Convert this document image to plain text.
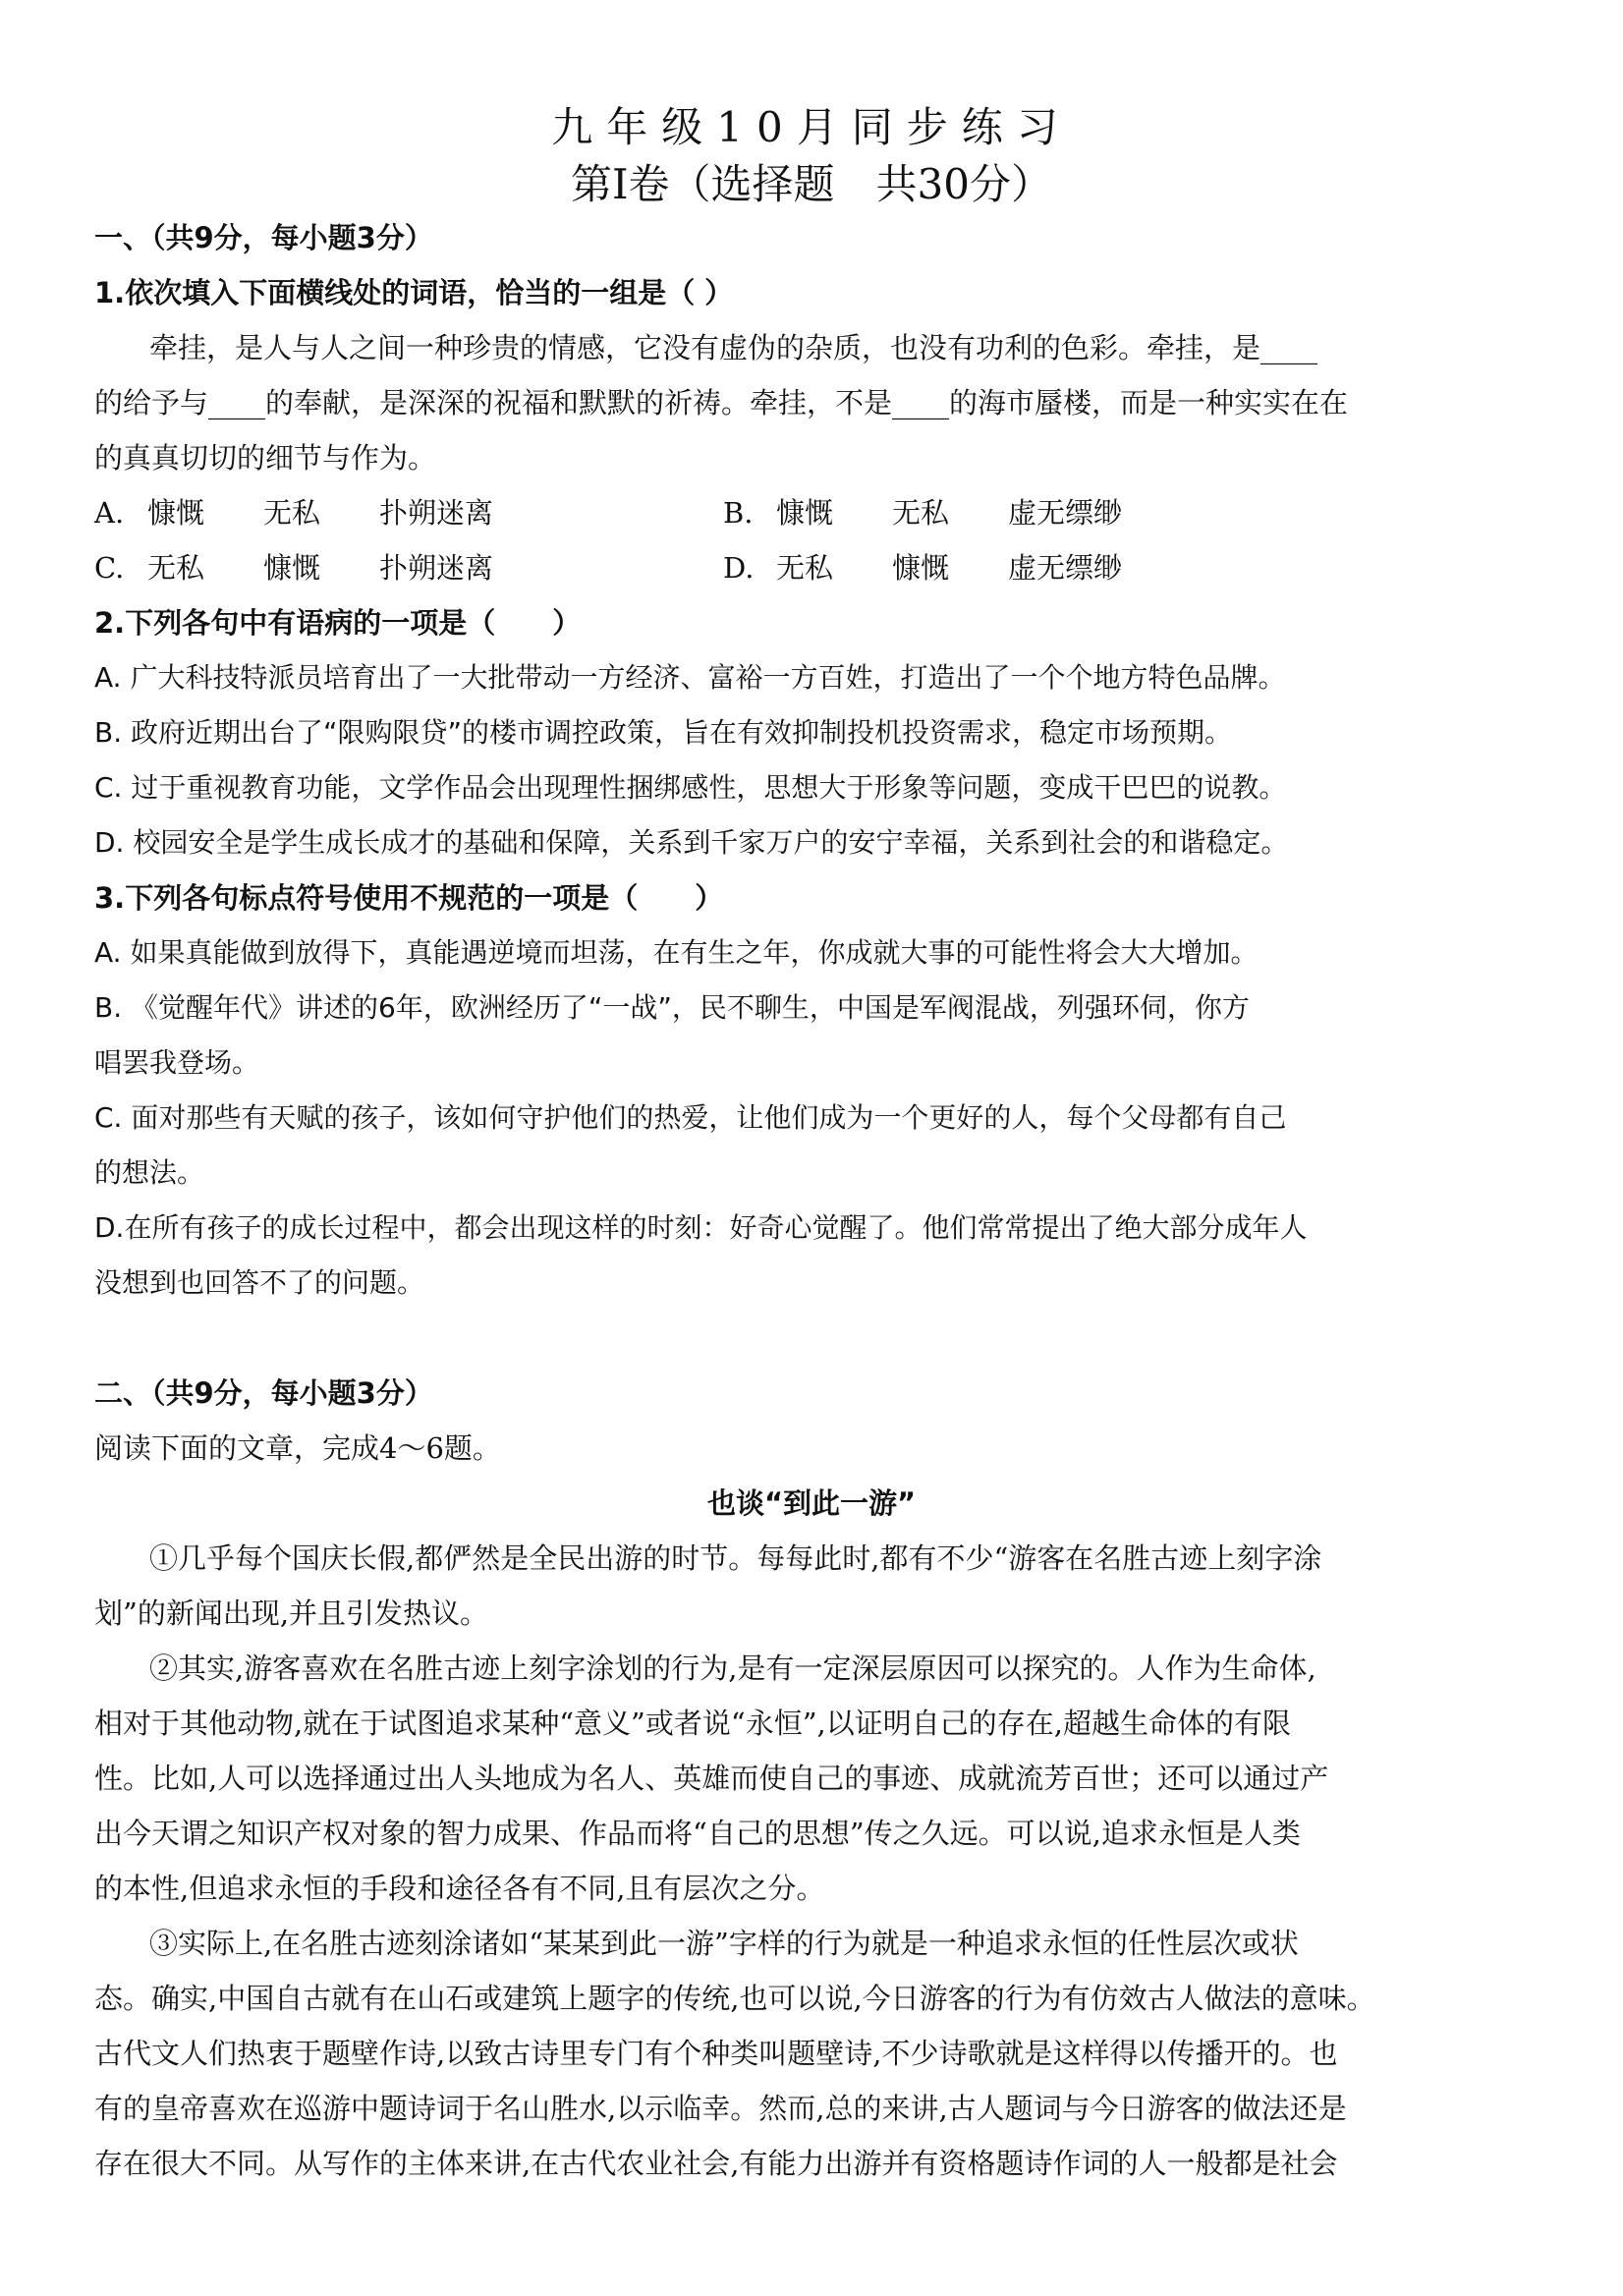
九年级10月同步练习
第Ⅰ卷（选择题　共30分）
一、（共9分，每小题3分）
1.依次填入下面横线处的词语，恰当的一组是（ ）
牵挂，是人与人之间一种珍贵的情感，它没有虚伪的杂质，也没有功利的色彩。牵挂，是____
的给予与____的奉献，是深深的祝福和默默的祈祷。牵挂，不是____的海市蜃楼，而是一种实实在在
的真真切切的细节与作为。
A. 慷慨 无私 扑朔迷离	B. 慷慨 无私 虚无缥缈
C. 无私 慷慨 扑朔迷离	D. 无私 慷慨 虚无缥缈
2.下列各句中有语病的一项是（　　）
A. 广大科技特派员培育出了一大批带动一方经济、富裕一方百姓，打造出了一个个地方特色品牌。
B. 政府近期出台了“限购限贷”的楼市调控政策，旨在有效抑制投机投资需求，稳定市场预期。
C. 过于重视教育功能，文学作品会出现理性捆绑感性，思想大于形象等问题，变成干巴巴的说教。
D. 校园安全是学生成长成才的基础和保障，关系到千家万户的安宁幸福，关系到社会的和谐稳定。
3.下列各句标点符号使用不规范的一项是（　　）
A. 如果真能做到放得下，真能遇逆境而坦荡，在有生之年，你成就大事的可能性将会大大增加。
B. 《觉醒年代》讲述的6年，欧洲经历了“一战”，民不聊生，中国是军阀混战，列强环伺，你方
唱罢我登场。
C. 面对那些有天赋的孩子，该如何守护他们的热爱，让他们成为一个更好的人，每个父母都有自己
的想法。
D.在所有孩子的成长过程中，都会出现这样的时刻：好奇心觉醒了。他们常常提出了绝大部分成年人
没想到也回答不了的问题。
二、（共9分，每小题3分）
阅读下面的文章，完成4～6题。
也谈“到此一游”
①几乎每个国庆长假,都俨然是全民出游的时节。每每此时,都有不少“游客在名胜古迹上刻字涂
划”的新闻出现,并且引发热议。
②其实,游客喜欢在名胜古迹上刻字涂划的行为,是有一定深层原因可以探究的。人作为生命体,
相对于其他动物,就在于试图追求某种“意义”或者说“永恒”,以证明自己的存在,超越生命体的有限
性。比如,人可以选择通过出人头地成为名人、英雄而使自己的事迹、成就流芳百世；还可以通过产
出今天谓之知识产权对象的智力成果、作品而将“自己的思想”传之久远。可以说,追求永恒是人类
的本性,但追求永恒的手段和途径各有不同,且有层次之分。
③实际上,在名胜古迹刻涂诸如“某某到此一游”字样的行为就是一种追求永恒的任性层次或状
态。确实,中国自古就有在山石或建筑上题字的传统,也可以说,今日游客的行为有仿效古人做法的意味。
古代文人们热衷于题壁作诗,以致古诗里专门有个种类叫题壁诗,不少诗歌就是这样得以传播开的。也
有的皇帝喜欢在巡游中题诗词于名山胜水,以示临幸。然而,总的来讲,古人题词与今日游客的做法还是
存在很大不同。从写作的主体来讲,在古代农业社会,有能力出游并有资格题诗作词的人一般都是社会
